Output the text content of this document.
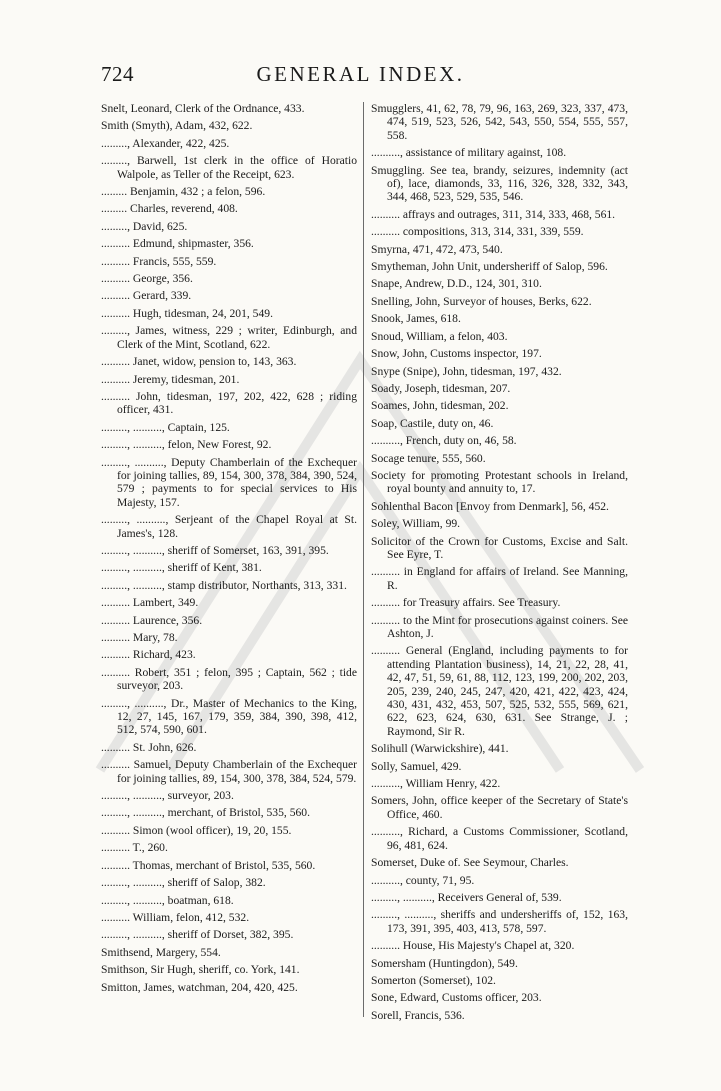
724	GENERAL INDEX.
Snelt, Leonard, Clerk of the Ordnance, 433.
Smith (Smyth), Adam, 432, 622.
........., Alexander, 422, 425.
........., Barwell, 1st clerk in the office of Horatio Walpole, as Teller of the Receipt, 623.
......... Benjamin, 432 ; a felon, 596.
......... Charles, reverend, 408.
........., David, 625.
.......... Edmund, shipmaster, 356.
.......... Francis, 555, 559.
.......... George, 356.
.......... Gerard, 339.
.......... Hugh, tidesman, 24, 201, 549.
........., James, witness, 229 ; writer, Edinburgh, and Clerk of the Mint, Scotland, 622.
.......... Janet, widow, pension to, 143, 363.
.......... Jeremy, tidesman, 201.
.......... John, tidesman, 197, 202, 422, 628 ; riding officer, 431.
........., .........., Captain, 125.
........., .........., felon, New Forest, 92.
........., .........., Deputy Chamberlain of the Exchequer for joining tallies, 89, 154, 300, 378, 384, 390, 524, 579 ; payments to for special services to His Majesty, 157.
........., .........., Serjeant of the Chapel Royal at St. James's, 128.
........., .........., sheriff of Somerset, 163, 391, 395.
........., .........., sheriff of Kent, 381.
........., .........., stamp distributor, Northants, 313, 331.
.......... Lambert, 349.
.......... Laurence, 356.
.......... Mary, 78.
.......... Richard, 423.
.......... Robert, 351 ; felon, 395 ; Captain, 562 ; tide surveyor, 203.
........., .........., Dr., Master of Mechanics to the King, 12, 27, 145, 167, 179, 359, 384, 390, 398, 412, 512, 574, 590, 601.
.......... St. John, 626.
.......... Samuel, Deputy Chamberlain of the Exchequer for joining tallies, 89, 154, 300, 378, 384, 524, 579.
........., .........., surveyor, 203.
........., .........., merchant, of Bristol, 535, 560.
.......... Simon (wool officer), 19, 20, 155.
.......... T., 260.
.......... Thomas, merchant of Bristol, 535, 560.
........., .........., sheriff of Salop, 382.
........., .........., boatman, 618.
.......... William, felon, 412, 532.
........., .........., sheriff of Dorset, 382, 395.
Smithsend, Margery, 554.
Smithson, Sir Hugh, sheriff, co. York, 141.
Smitton, James, watchman, 204, 420, 425.
Smugglers, 41, 62, 78, 79, 96, 163, 269, 323, 337, 473, 474, 519, 523, 526, 542, 543, 550, 554, 555, 557, 558.
.........., assistance of military against, 108.
Smuggling. See tea, brandy, seizures, indemnity (act of), lace, diamonds, 33, 116, 326, 328, 332, 343, 344, 468, 523, 529, 535, 546.
.......... affrays and outrages, 311, 314, 333, 468, 561.
.......... compositions, 313, 314, 331, 339, 559.
Smyrna, 471, 472, 473, 540.
Smytheman, John Unit, undersheriff of Salop, 596.
Snape, Andrew, D.D., 124, 301, 310.
Snelling, John, Surveyor of houses, Berks, 622.
Snook, James, 618.
Snoud, William, a felon, 403.
Snow, John, Customs inspector, 197.
Snype (Snipe), John, tidesman, 197, 432.
Soady, Joseph, tidesman, 207.
Soames, John, tidesman, 202.
Soap, Castile, duty on, 46.
.........., French, duty on, 46, 58.
Socage tenure, 555, 560.
Society for promoting Protestant schools in Ireland, royal bounty and annuity to, 17.
Sohlenthal Bacon [Envoy from Denmark], 56, 452.
Soley, William, 99.
Solicitor of the Crown for Customs, Excise and Salt. See Eyre, T.
.......... in England for affairs of Ireland. See Manning, R.
.......... for Treasury affairs. See Treasury.
.......... to the Mint for prosecutions against coiners. See Ashton, J.
.......... General (England, including payments to for attending Plantation business), 14, 21, 22, 28, 41, 42, 47, 51, 59, 61, 88, 112, 123, 199, 200, 202, 203, 205, 239, 240, 245, 247, 420, 421, 422, 423, 424, 430, 431, 432, 453, 507, 525, 532, 555, 569, 621, 622, 623, 624, 630, 631. See Strange, J. ; Raymond, Sir R.
Solihull (Warwickshire), 441.
Solly, Samuel, 429.
.........., William Henry, 422.
Somers, John, office keeper of the Secretary of State's Office, 460.
.........., Richard, a Customs Commissioner, Scotland, 96, 481, 624.
Somerset, Duke of. See Seymour, Charles.
.........., county, 71, 95.
........., .........., Receivers General of, 539.
........., .........., sheriffs and undersheriffs of, 152, 163, 173, 391, 395, 403, 413, 578, 597.
.......... House, His Majesty's Chapel at, 320.
Somersham (Huntingdon), 549.
Somerton (Somerset), 102.
Sone, Edward, Customs officer, 203.
Sorell, Francis, 536.
